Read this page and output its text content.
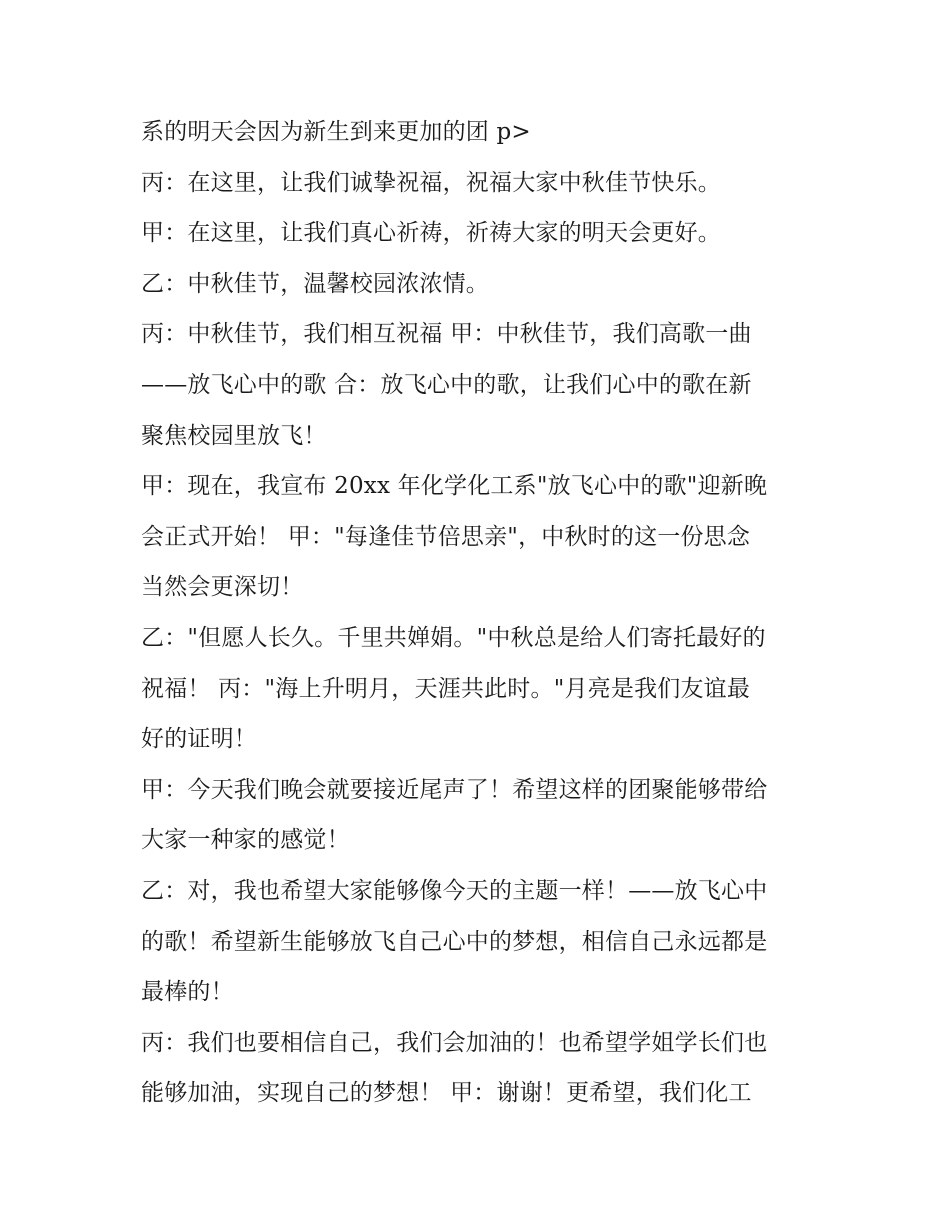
系的明天会因为新生到来更加的团 p>
丙：在这里，让我们诚挚祝福，祝福大家中秋佳节快乐。
甲：在这里，让我们真心祈祷，祈祷大家的明天会更好。
乙：中秋佳节，温馨校园浓浓情。
丙：中秋佳节，我们相互祝福 甲：中秋佳节，我们高歌一曲
——放飞心中的歌 合：放飞心中的歌，让我们心中的歌在新
聚焦校园里放飞！
甲：现在，我宣布 20xx 年化学化工系"放飞心中的歌"迎新晚
会正式开始！ 甲："每逢佳节倍思亲"，中秋时的这一份思念
当然会更深切！
乙："但愿人长久。千里共婵娟。"中秋总是给人们寄托最好的
祝福！ 丙："海上升明月，天涯共此时。"月亮是我们友谊最
好的证明！
甲：今天我们晚会就要接近尾声了！希望这样的团聚能够带给
大家一种家的感觉！
乙：对，我也希望大家能够像今天的主题一样！——放飞心中
的歌！希望新生能够放飞自己心中的梦想，相信自己永远都是
最棒的！
丙：我们也要相信自己，我们会加油的！也希望学姐学长们也
能够加油，实现自己的梦想！ 甲：谢谢！更希望，我们化工
